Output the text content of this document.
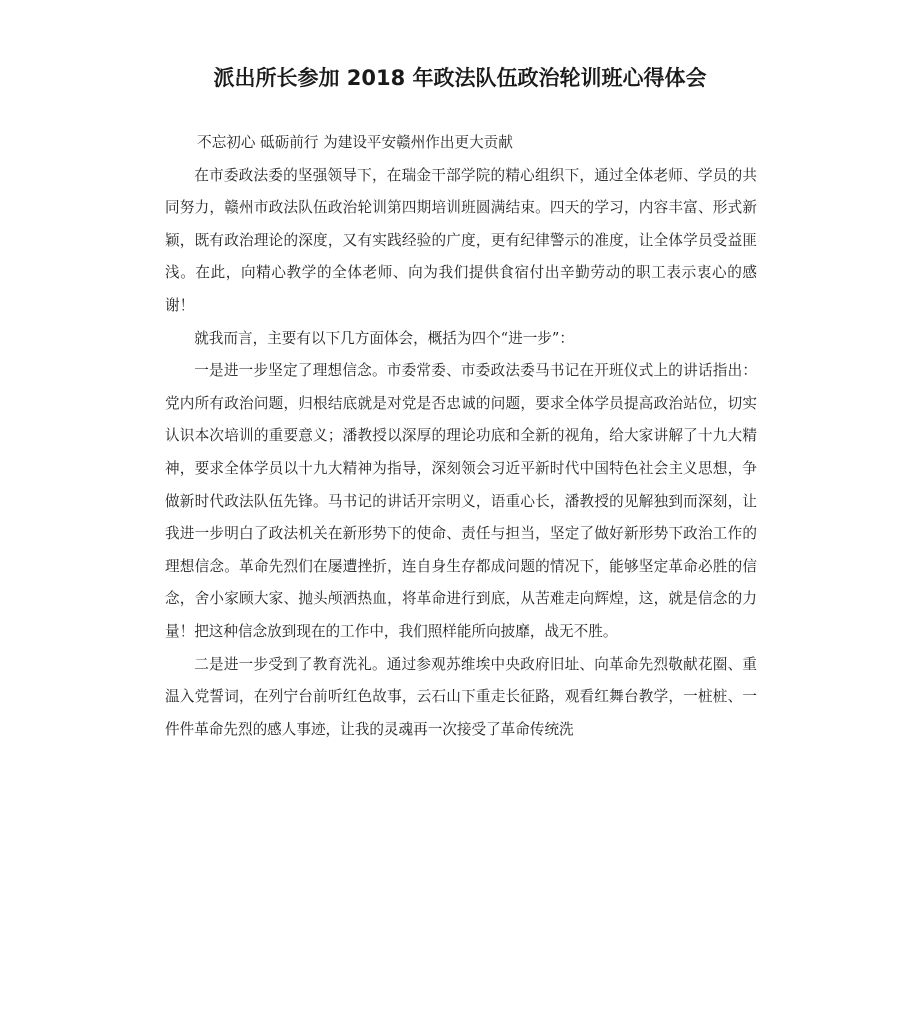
派出所长参加 2018 年政法队伍政治轮训班心得体会

不忘初心 砥砺前行 为建设平安赣州作出更大贡献

在市委政法委的坚强领导下，在瑞金干部学院的精心组织下，通过全体老师、学员的共同努力，赣州市政法队伍政治轮训第四期培训班圆满结束。四天的学习，内容丰富、形式新颖，既有政治理论的深度，又有实践经验的广度，更有纪律警示的准度，让全体学员受益匪浅。在此，向精心教学的全体老师、向为我们提供食宿付出辛勤劳动的职工表示衷心的感谢！

就我而言，主要有以下几方面体会，概括为四个“进一步”：

一是进一步坚定了理想信念。市委常委、市委政法委马书记在开班仪式上的讲话指出：党内所有政治问题，归根结底就是对党是否忠诚的问题，要求全体学员提高政治站位，切实认识本次培训的重要意义；潘教授以深厚的理论功底和全新的视角，给大家讲解了十九大精神，要求全体学员以十九大精神为指导，深刻领会习近平新时代中国特色社会主义思想，争做新时代政法队伍先锋。马书记的讲话开宗明义，语重心长，潘教授的见解独到而深刻，让我进一步明白了政法机关在新形势下的使命、责任与担当，坚定了做好新形势下政治工作的理想信念。革命先烈们在屡遭挫折，连自身生存都成问题的情况下，能够坚定革命必胜的信念，舍小家顾大家、抛头颅洒热血，将革命进行到底，从苦难走向辉煌，这，就是信念的力量！把这种信念放到现在的工作中，我们照样能所向披靡，战无不胜。

二是进一步受到了教育洗礼。通过参观苏维埃中央政府旧址、向革命先烈敬献花圈、重温入党誓词，在列宁台前听红色故事，云石山下重走长征路，观看红舞台教学，一桩桩、一件件革命先烈的感人事迹，让我的灵魂再一次接受了革命传统洗
